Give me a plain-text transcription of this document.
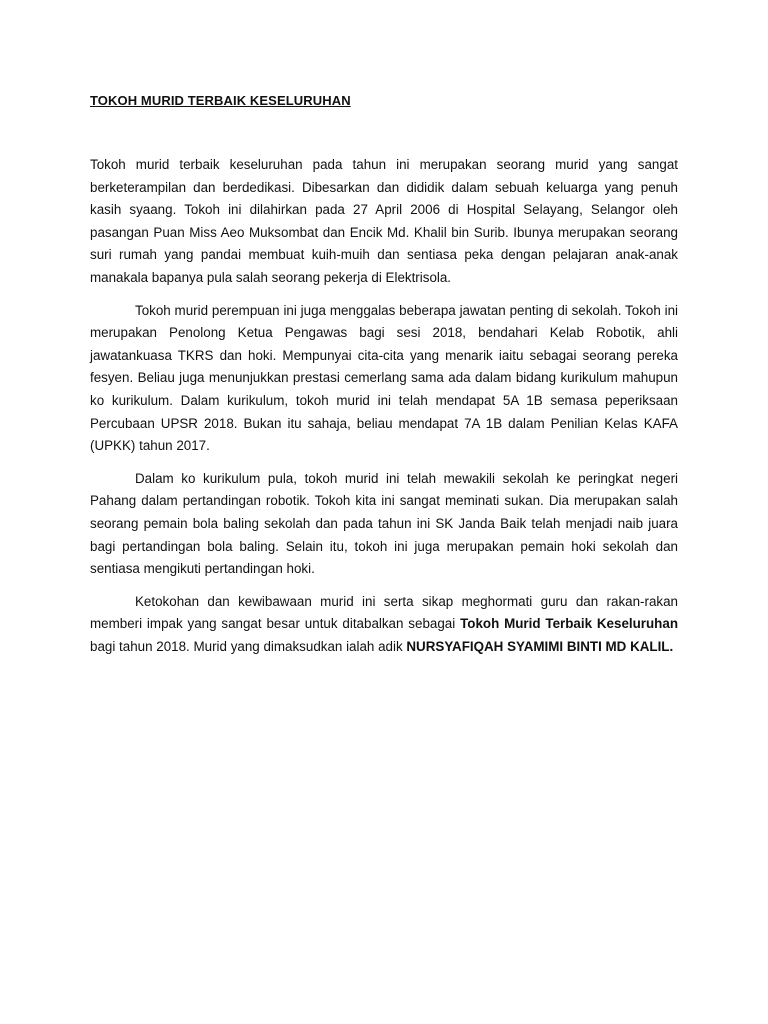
TOKOH MURID TERBAIK KESELURUHAN

Tokoh murid terbaik keseluruhan pada tahun ini merupakan seorang murid yang sangat berketerampilan dan berdedikasi. Dibesarkan dan dididik dalam sebuah keluarga yang penuh kasih syaang. Tokoh ini dilahirkan pada 27 April 2006 di Hospital Selayang, Selangor oleh pasangan Puan Miss Aeo Muksombat dan Encik Md. Khalil bin Surib. Ibunya merupakan seorang suri rumah yang pandai membuat kuih-muih dan sentiasa peka dengan pelajaran anak-anak manakala bapanya pula salah seorang pekerja di Elektrisola.

Tokoh murid perempuan ini juga menggalas beberapa jawatan penting di sekolah. Tokoh ini merupakan Penolong Ketua Pengawas bagi sesi 2018, bendahari Kelab Robotik, ahli jawatankuasa TKRS dan hoki. Mempunyai cita-cita yang menarik iaitu sebagai seorang pereka fesyen. Beliau juga menunjukkan prestasi cemerlang sama ada dalam bidang kurikulum mahupun ko kurikulum. Dalam kurikulum, tokoh murid ini telah mendapat 5A 1B semasa peperiksaan Percubaan UPSR 2018. Bukan itu sahaja, beliau mendapat 7A 1B dalam Penilian Kelas KAFA (UPKK) tahun 2017.

Dalam ko kurikulum pula, tokoh murid ini telah mewakili sekolah ke peringkat negeri Pahang dalam pertandingan robotik. Tokoh kita ini sangat meminati sukan. Dia merupakan salah seorang pemain bola baling sekolah dan pada tahun ini SK Janda Baik telah menjadi naib juara bagi pertandingan bola baling. Selain itu, tokoh ini juga merupakan pemain hoki sekolah dan sentiasa mengikuti pertandingan hoki.

Ketokohan dan kewibawaan murid ini serta sikap meghormati guru dan rakan-rakan memberi impak yang sangat besar untuk ditabalkan sebagai Tokoh Murid Terbaik Keseluruhan bagi tahun 2018. Murid yang dimaksudkan ialah adik NURSYAFIQAH SYAMIMI BINTI MD KALIL.
